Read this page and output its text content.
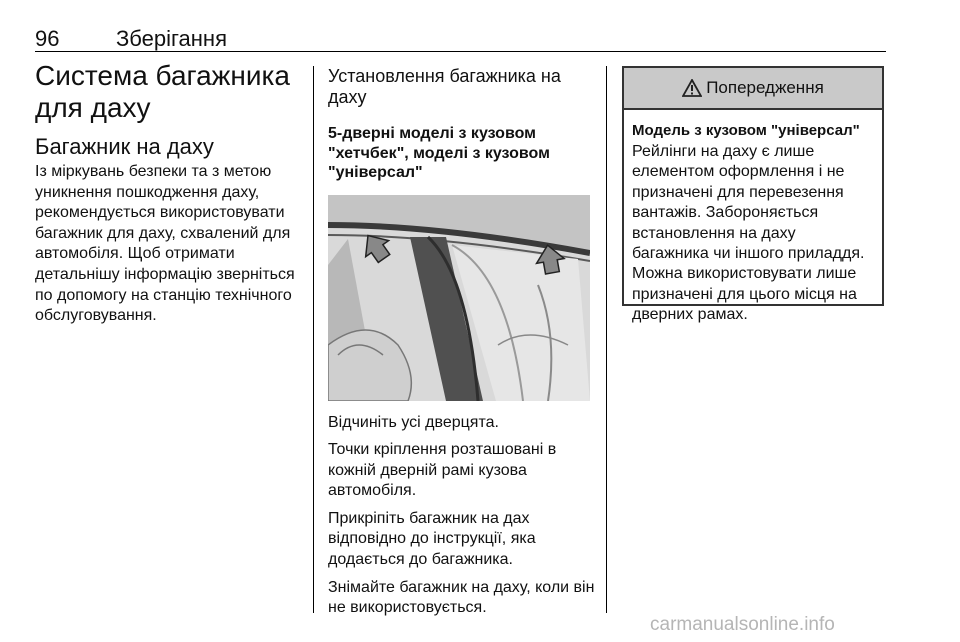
96	Зберігання
Система багажника для даху
Багажник на даху

Із міркувань безпеки та з метою уникнення пошкодження даху, рекомендується використовувати багажник для даху, схвалений для автомобіля. Щоб отримати детальнішу інформацію зверніться по допомогу на станцію технічного обслуговування.

Установлення багажника на даху

5-дверні моделі з кузовом "хетчбек", моделі з кузовом "універсал"

Відчиніть усі дверцята.

Точки кріплення розташовані в кожній дверній рамі кузова автомобіля.

Прикріпіть багажник на дах відповідно до інструкції, яка додається до багажника.

Знімайте багажник на даху, коли він не використовується.

Попередження

Модель з кузовом "універсал"

Рейлінги на даху є лише елементом оформлення і не призначені для перевезення вантажів. Забороняється встановлення на даху багажника чи іншого приладдя. Можна використовувати лише призначені для цього місця на дверних рамах.

carmanualsonline.info
